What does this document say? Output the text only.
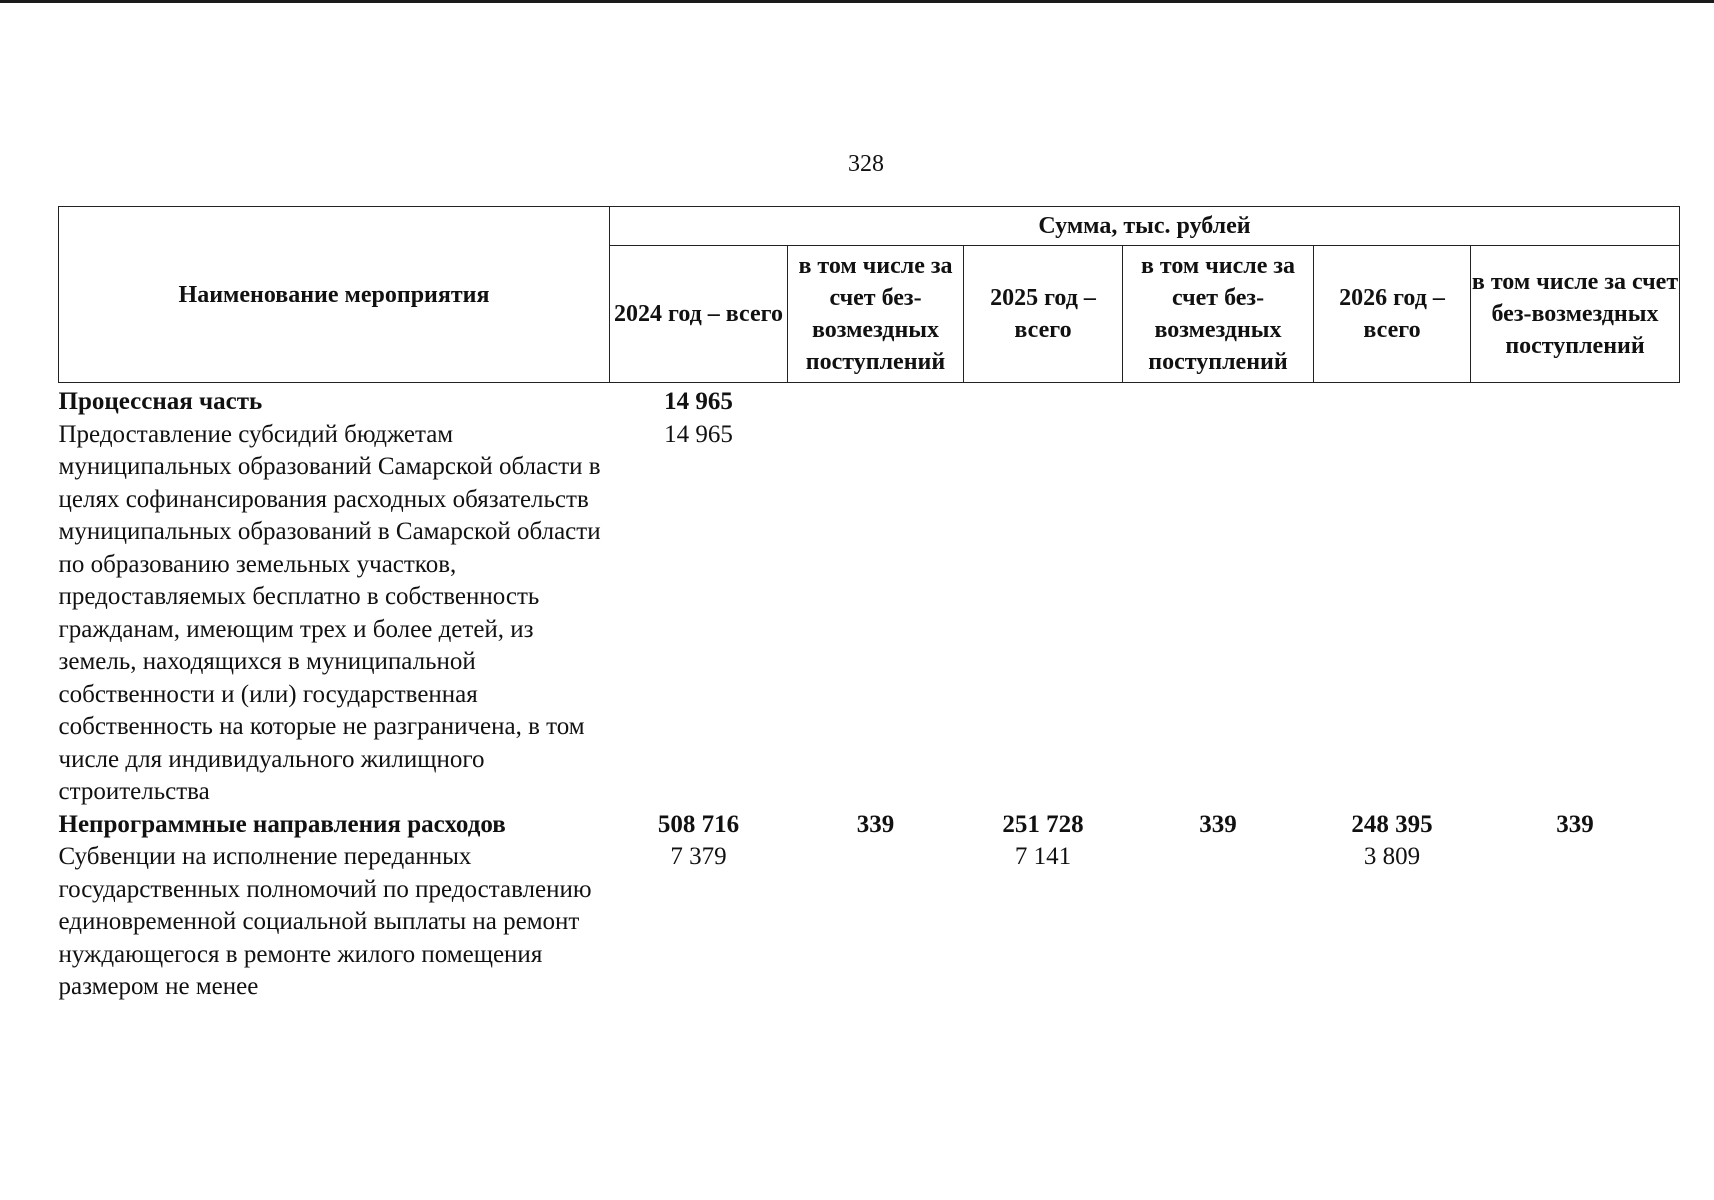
328
Наименование мероприятия	Сумма, тыс. рублей					
	2024 год – всего	в том числе за счет без-возмездных поступлений	2025 год – всего	в том числе за счет без-возмездных поступлений	2026 год – всего	в том числе за счет без-возмездных поступлений
Процессная часть	14 965					
Предоставление субсидий бюджетам муниципальных образований Самарской области в целях софинансирования расходных обязательств муниципальных образований в Самарской области по образованию земельных участков, предоставляемых бесплатно в собственность гражданам, имеющим трех и более детей, из земель, находящихся в муниципальной собственности и (или) государственная собственность на которые не разграничена, в том числе для индивидуального жилищного строительства	14 965					
Непрограммные направления расходов	508 716	339	251 728	339	248 395	339
Субвенции на исполнение переданных государственных полномочий по предоставлению единовременной социальной выплаты на ремонт нуждающегося в ремонте жилого помещения размером не менее	7 379		7 141		3 809	
